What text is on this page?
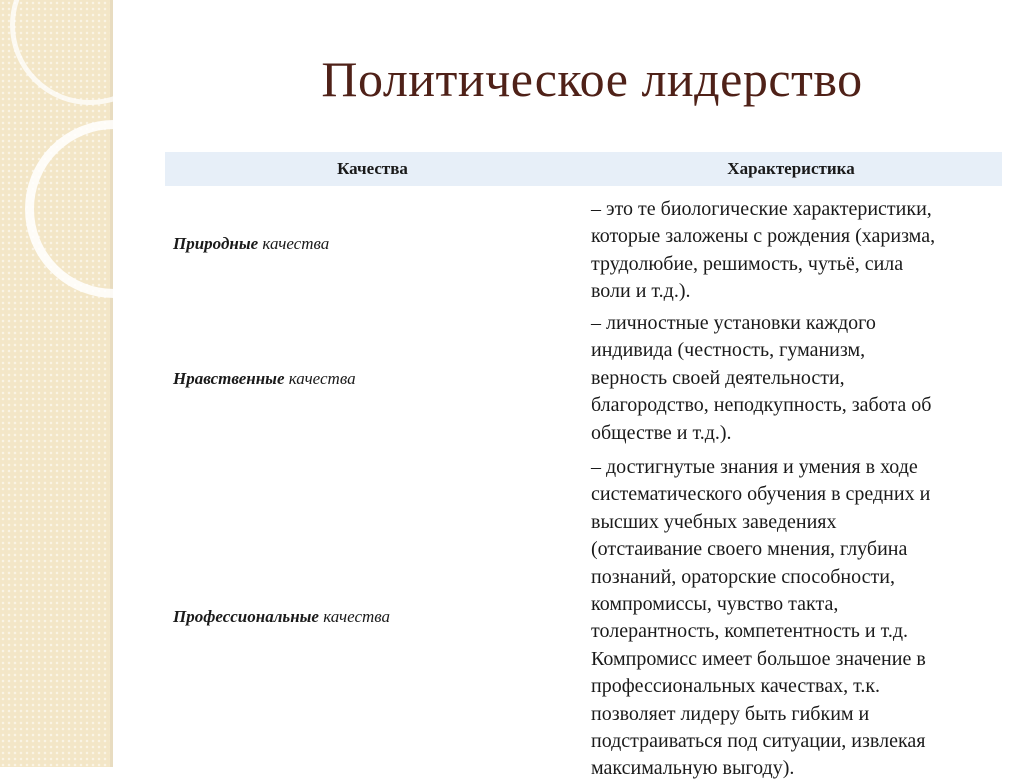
Политическое лидерство
Качества	Характеристика
Природные качества
– это те биологические характеристики,
которые заложены с рождения (харизма,
трудолюбие, решимость, чутьё, сила
воли и т.д.).
Нравственные качества
– личностные установки каждого
индивида (честность, гуманизм,
верность своей деятельности,
благородство, неподкупность, забота об
обществе и т.д.).
Профессиональные качества
– достигнутые знания и умения в ходе
систематического обучения в средних и
высших учебных заведениях
(отстаивание своего мнения, глубина
познаний, ораторские способности,
компромиссы, чувство такта,
толерантность, компетентность и т.д.
Компромисс имеет большое значение в
профессиональных качествах, т.к.
позволяет лидеру быть гибким и
подстраиваться под ситуации, извлекая
максимальную выгоду).
